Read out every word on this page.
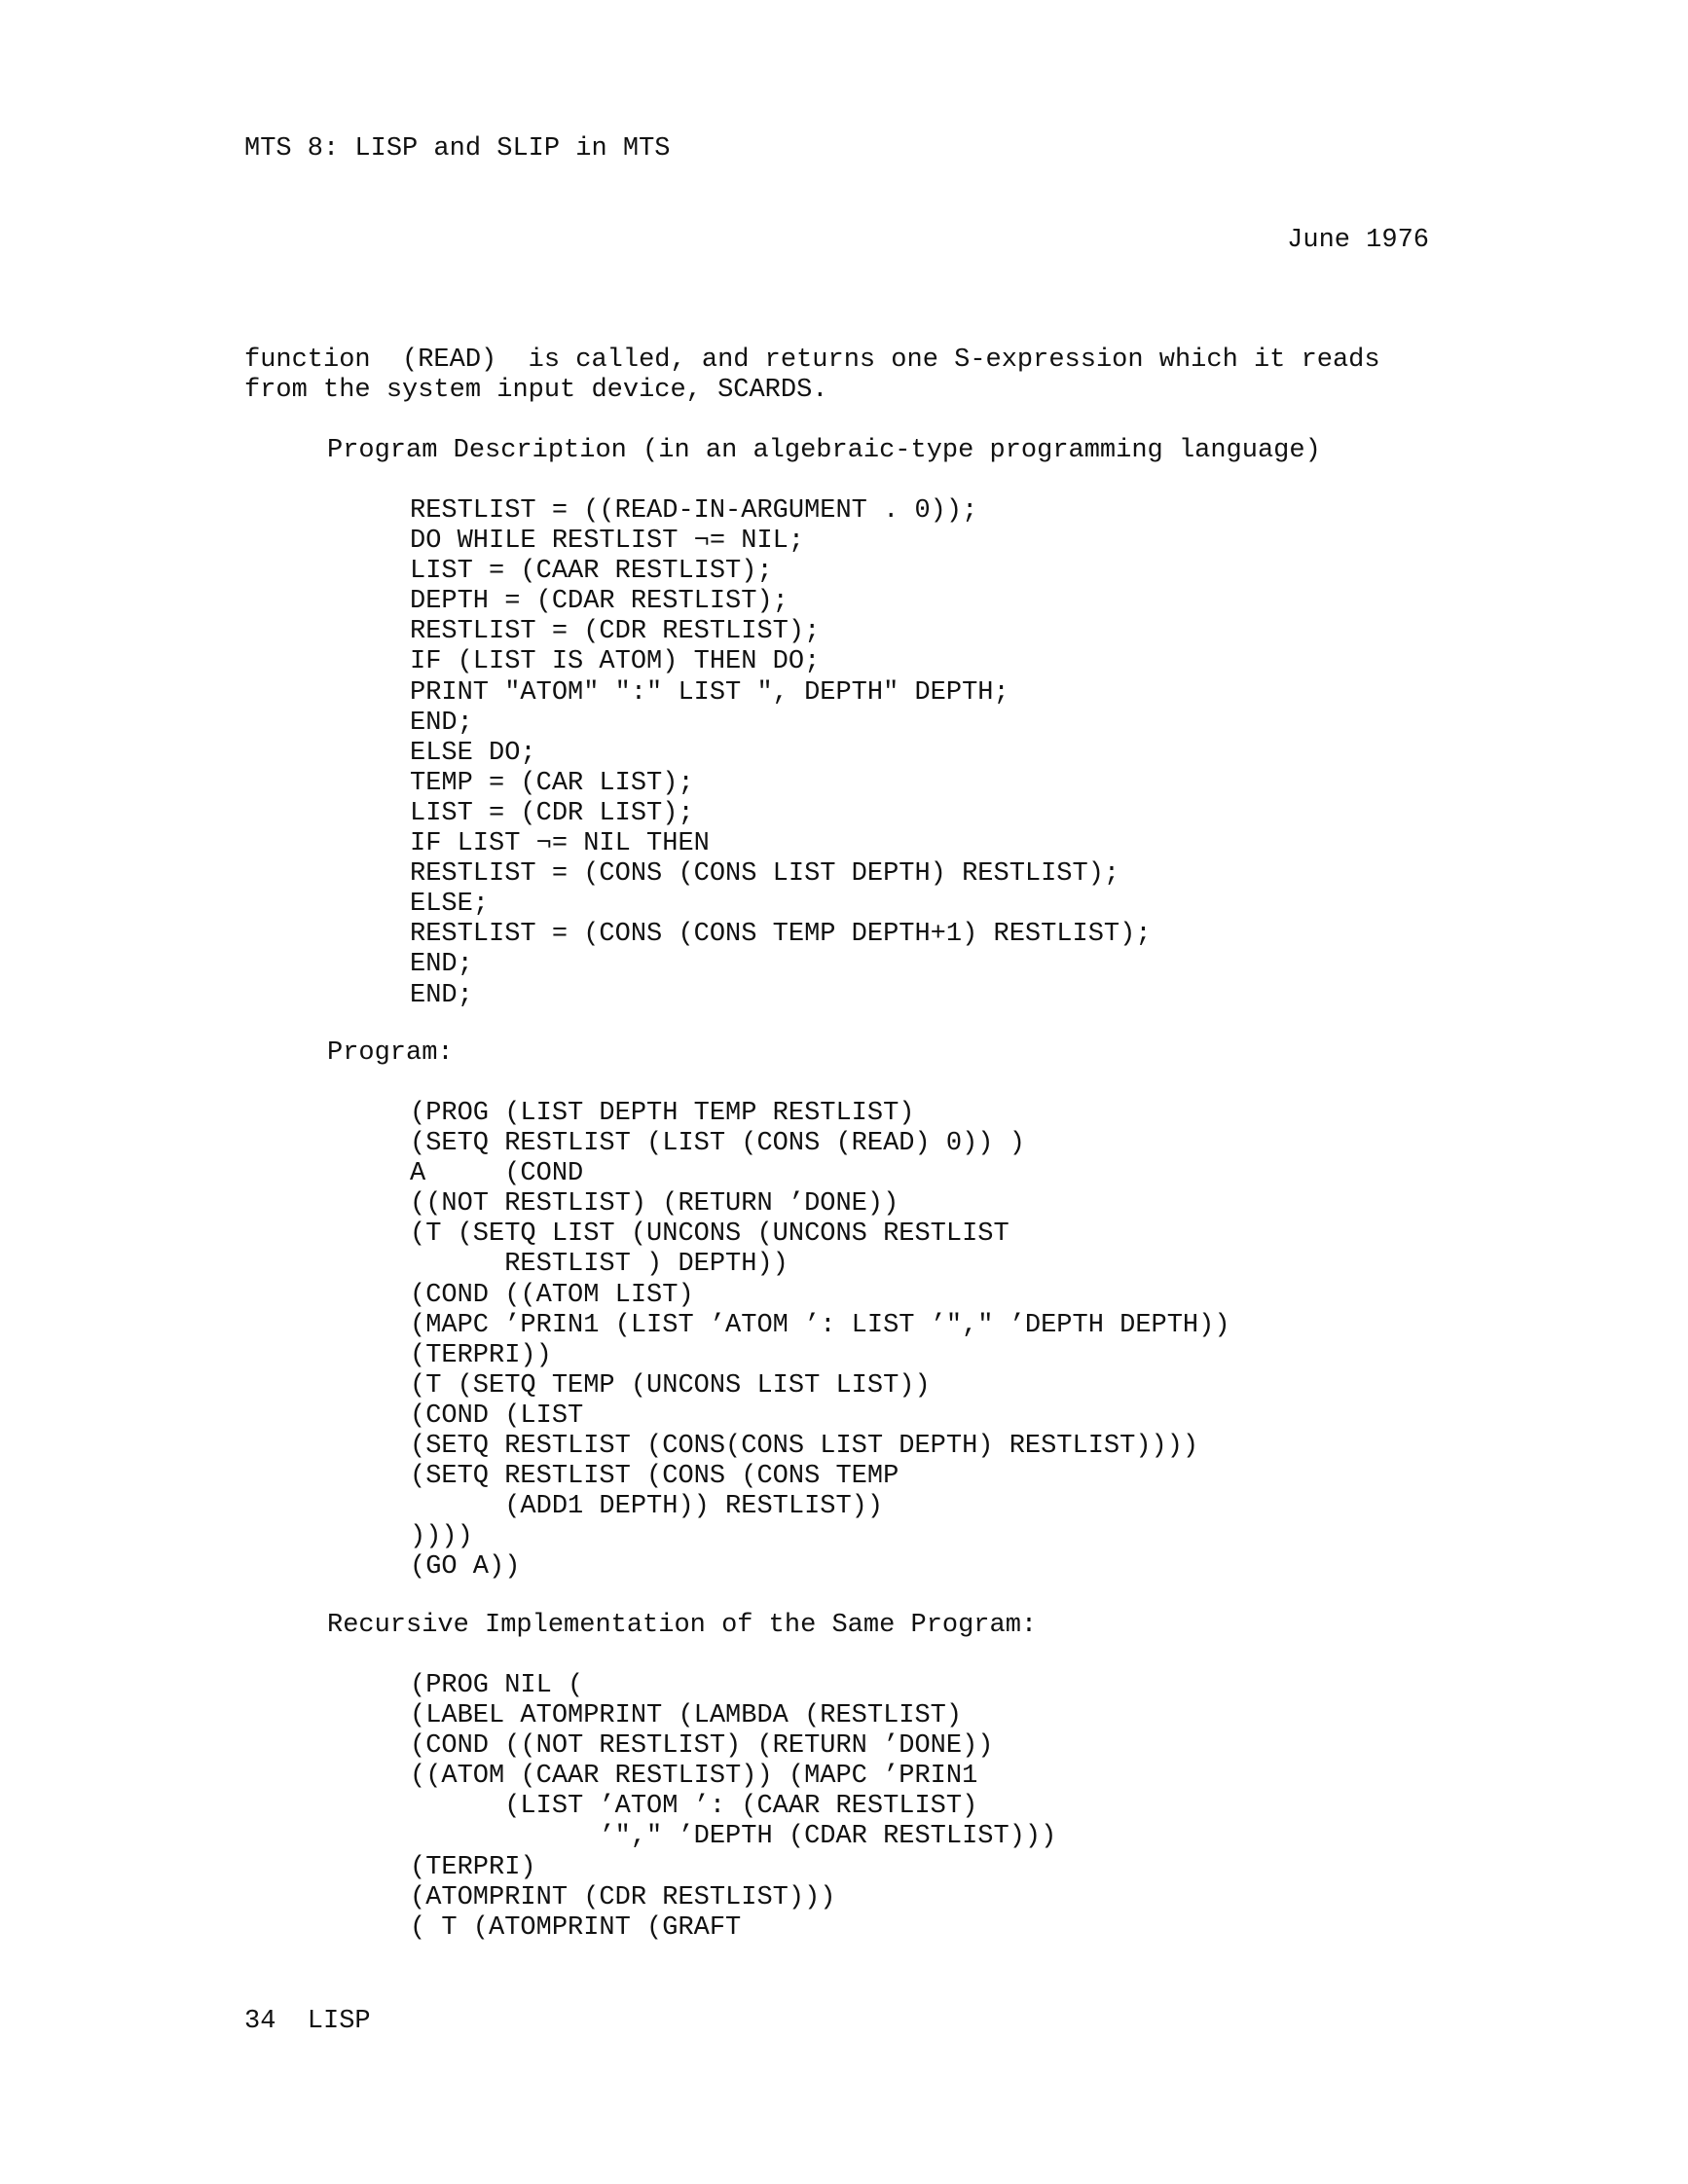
MTS 8: LISP and SLIP in MTS
June 1976
function  (READ)  is called, and returns one S-expression which it reads
from the system input device, SCARDS.
Program Description (in an algebraic-type programming language)
RESTLIST = ((READ-IN-ARGUMENT . 0));
DO WHILE RESTLIST ¬= NIL;
LIST = (CAAR RESTLIST);
DEPTH = (CDAR RESTLIST);
RESTLIST = (CDR RESTLIST);
IF (LIST IS ATOM) THEN DO;
PRINT "ATOM" ":" LIST ", DEPTH" DEPTH;
END;
ELSE DO;
TEMP = (CAR LIST);
LIST = (CDR LIST);
IF LIST ¬= NIL THEN
RESTLIST = (CONS (CONS LIST DEPTH) RESTLIST);
ELSE;
RESTLIST = (CONS (CONS TEMP DEPTH+1) RESTLIST);
END;
END;
Program:
(PROG (LIST DEPTH TEMP RESTLIST)
(SETQ RESTLIST (LIST (CONS (READ) 0)) )
A     (COND
((NOT RESTLIST) (RETURN ’DONE))
(T (SETQ LIST (UNCONS (UNCONS RESTLIST
RESTLIST ) DEPTH))
(COND ((ATOM LIST)
(MAPC ’PRIN1 (LIST ’ATOM ’: LIST ’"," ’DEPTH DEPTH))
(TERPRI))
(T (SETQ TEMP (UNCONS LIST LIST))
(COND (LIST
(SETQ RESTLIST (CONS(CONS LIST DEPTH) RESTLIST))))
(SETQ RESTLIST (CONS (CONS TEMP
(ADD1 DEPTH)) RESTLIST))
))))
(GO A))
Recursive Implementation of the Same Program:
(PROG NIL (
(LABEL ATOMPRINT (LAMBDA (RESTLIST)
(COND ((NOT RESTLIST) (RETURN ’DONE))
((ATOM (CAAR RESTLIST)) (MAPC ’PRIN1
(LIST ’ATOM ’: (CAAR RESTLIST)
’"," ’DEPTH (CDAR RESTLIST)))
(TERPRI)
(ATOMPRINT (CDR RESTLIST)))
( T (ATOMPRINT (GRAFT
34  LISP
